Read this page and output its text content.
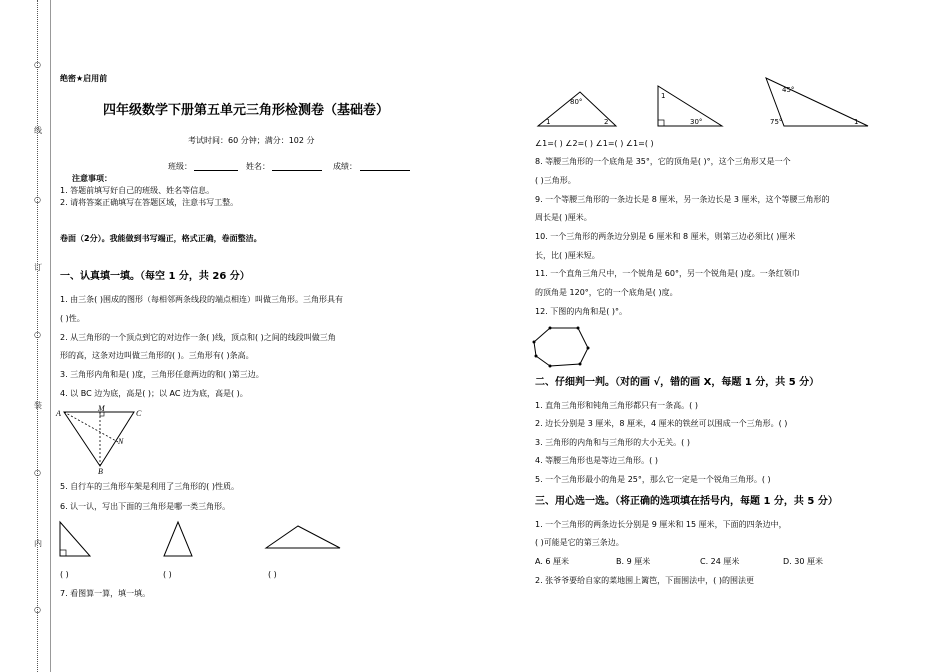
○
线
○
订
○
装
○
内
○
绝密★启用前
四年级数学下册第五单元三角形检测卷（基础卷）
考试时间：60 分钟；满分：102 分
班级：	姓名：	成绩：
注意事项：
1. 答题前填写好自己的班级、姓名等信息。
2. 请将答案正确填写在答题区域，注意书写工整。
卷面（2分）。我能做到书写端正，格式正确，卷面整洁。
一、认真填一填。（每空 1 分，共 26 分）
1. 由三条( )围成的图形（每相邻两条线段的端点相连）叫做三角形。三角形具有
( )性。
2. 从三角形的一个顶点到它的对边作一条( )线，顶点和( )之间的线段叫做三角
形的高，这条对边叫做三角形的( )。三角形有( )条高。
3. 三角形内角和是( )度，三角形任意两边的和( )第三边。
4. 以 BC 边为底，高是( )；以 AC 边为底，高是( )。
A
M
C
N
B
5. 自行车的三角形车架是利用了三角形的( )性质。
6. 认一认，写出下面的三角形是哪一类三角形。
( )	( )	( )
7. 看图算一算，填一填。
80°
1	2
1
30°
45°
75°	1
∠1=( ) ∠2=( ) ∠1=( ) ∠1=( )
8. 等腰三角形的一个底角是 35°，它的顶角是( )°，这个三角形又是一个
( )三角形。
9. 一个等腰三角形的一条边长是 8 厘米，另一条边长是 3 厘米，这个等腰三角形的
周长是( )厘米。
10. 一个三角形的两条边分别是 6 厘米和 8 厘米，则第三边必须比( )厘米
长，比( )厘米短。
11. 一个直角三角尺中，一个锐角是 60°，另一个锐角是( )度。一条红领巾
的顶角是 120°，它的一个底角是( )度。
12. 下图的内角和是( )°。
二、仔细判一判。（对的画 √，错的画 X，每题 1 分，共 5 分）
1. 直角三角形和钝角三角形都只有一条高。( )
2. 边长分别是 3 厘米，8 厘米，4 厘米的铁丝可以围成一个三角形。( )
3. 三角形的内角和与三角形的大小无关。( )
4. 等腰三角形也是等边三角形。( )
5. 一个三角形最小的角是 25°，那么它一定是一个锐角三角形。( )
三、用心选一选。（将正确的选项填在括号内，每题 1 分，共 5 分）
1. 一个三角形的两条边长分别是 9 厘米和 15 厘米，下面的四条边中，
( )可能是它的第三条边。
A. 6 厘米	B. 9 厘米	C. 24 厘米	D. 30 厘米
2. 张爷爷要给自家的菜地围上篱笆，下面围法中，( )的围法更
